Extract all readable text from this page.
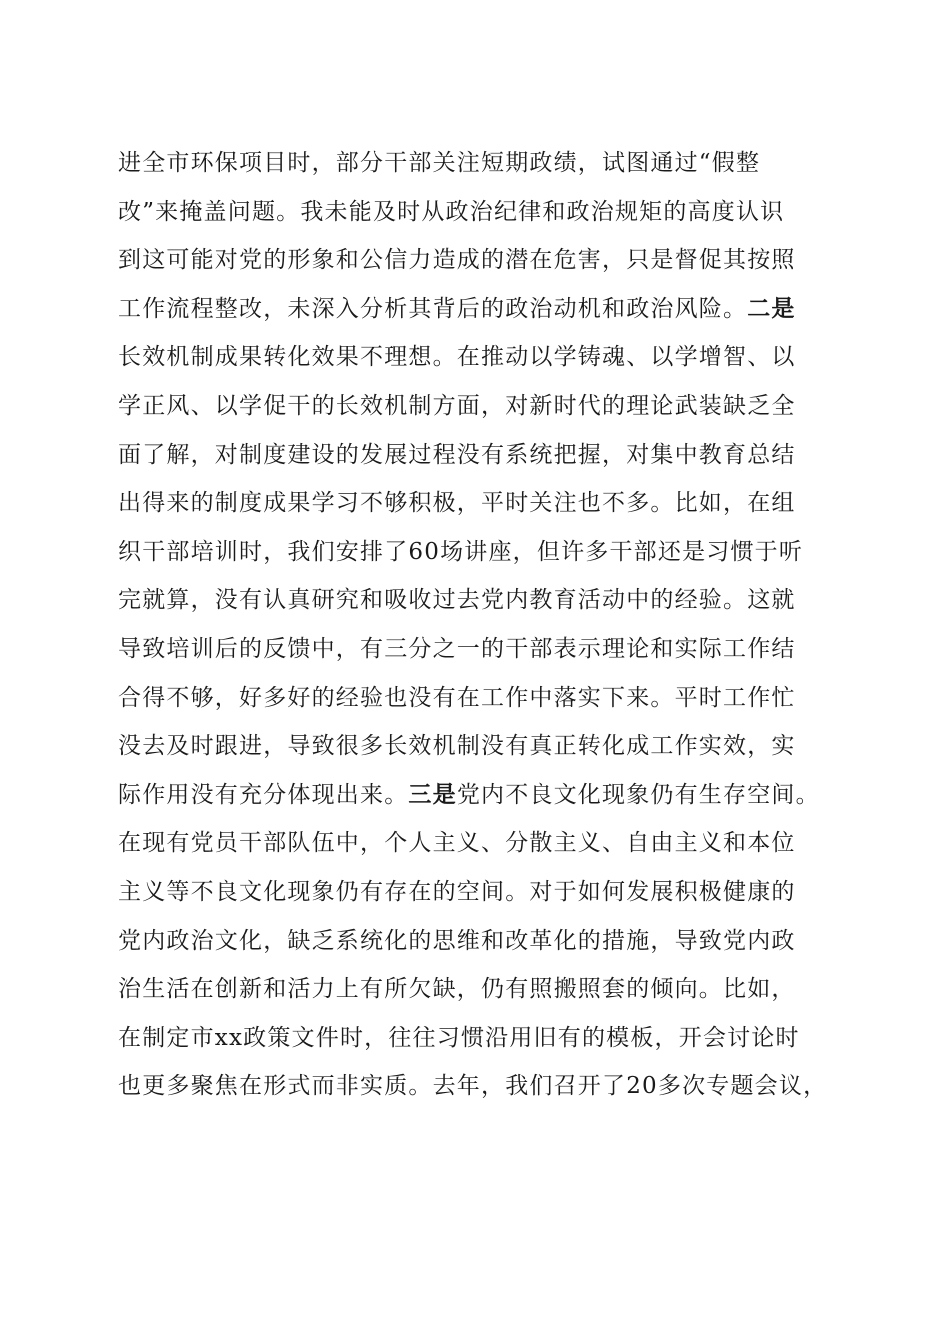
进全市环保项目时，部分干部关注短期政绩，试图通过“假整
改”来掩盖问题。我未能及时从政治纪律和政治规矩的高度认识
到这可能对党的形象和公信力造成的潜在危害，只是督促其按照
工作流程整改，未深入分析其背后的政治动机和政治风险。二是
长效机制成果转化效果不理想。在推动以学铸魂、以学增智、以
学正风、以学促干的长效机制方面，对新时代的理论武装缺乏全
面了解，对制度建设的发展过程没有系统把握，对集中教育总结
出得来的制度成果学习不够积极，平时关注也不多。比如，在组
织干部培训时，我们安排了60场讲座，但许多干部还是习惯于听
完就算，没有认真研究和吸收过去党内教育活动中的经验。这就
导致培训后的反馈中，有三分之一的干部表示理论和实际工作结
合得不够，好多好的经验也没有在工作中落实下来。平时工作忙
没去及时跟进，导致很多长效机制没有真正转化成工作实效，实
际作用没有充分体现出来。三是党内不良文化现象仍有生存空间。
在现有党员干部队伍中，个人主义、分散主义、自由主义和本位
主义等不良文化现象仍有存在的空间。对于如何发展积极健康的
党内政治文化，缺乏系统化的思维和改革化的措施，导致党内政
治生活在创新和活力上有所欠缺，仍有照搬照套的倾向。比如，
在制定市xx政策文件时，往往习惯沿用旧有的模板，开会讨论时
也更多聚焦在形式而非实质。去年，我们召开了20多次专题会议，
